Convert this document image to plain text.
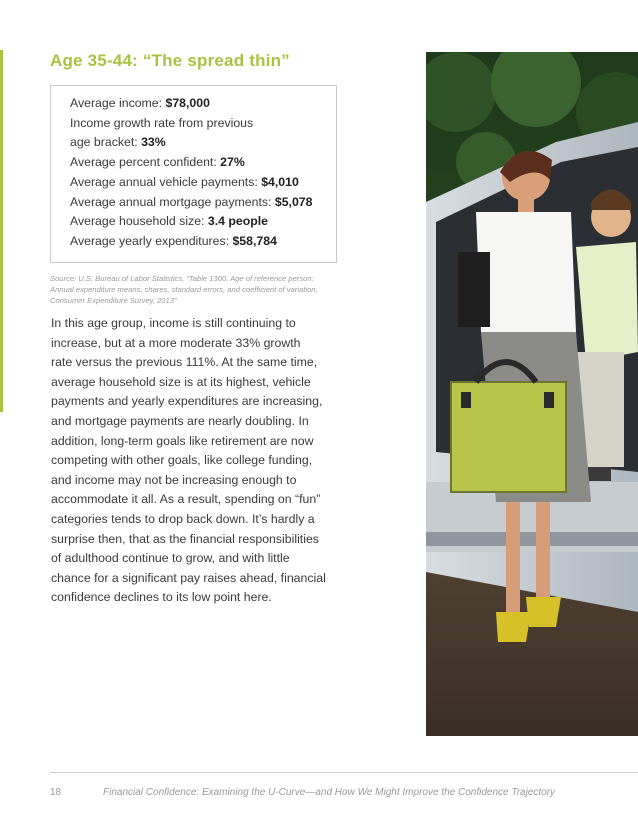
Age 35-44: “The spread thin”
Average income: $78,000
Income growth rate from previous
age bracket: 33%
Average percent confident: 27%
Average annual vehicle payments: $4,010
Average annual mortgage payments: $5,078
Average household size: 3.4 people
Average yearly expenditures: $58,784
Source: U.S. Bureau of Labor Statistics, “Table 1300. Age of reference person:
Annual expenditure means, shares, standard errors, and coefficient of variation,
Consumer Expenditure Survey, 2013”
In this age group, income is still continuing to
increase, but at a more moderate 33% growth
rate versus the previous 111%. At the same time,
average household size is at its highest, vehicle
payments and yearly expenditures are increasing,
and mortgage payments are nearly doubling. In
addition, long-term goals like retirement are now
competing with other goals, like college funding,
and income may not be increasing enough to
accommodate it all. As a result, spending on “fun”
categories tends to drop back down. It’s hardly a
surprise then, that as the financial responsibilities
of adulthood continue to grow, and with little
chance for a significant pay raises ahead, financial
confidence declines to its low point here.
18	Financial Confidence: Examining the U-Curve—and How We Might Improve the Confidence Trajectory
